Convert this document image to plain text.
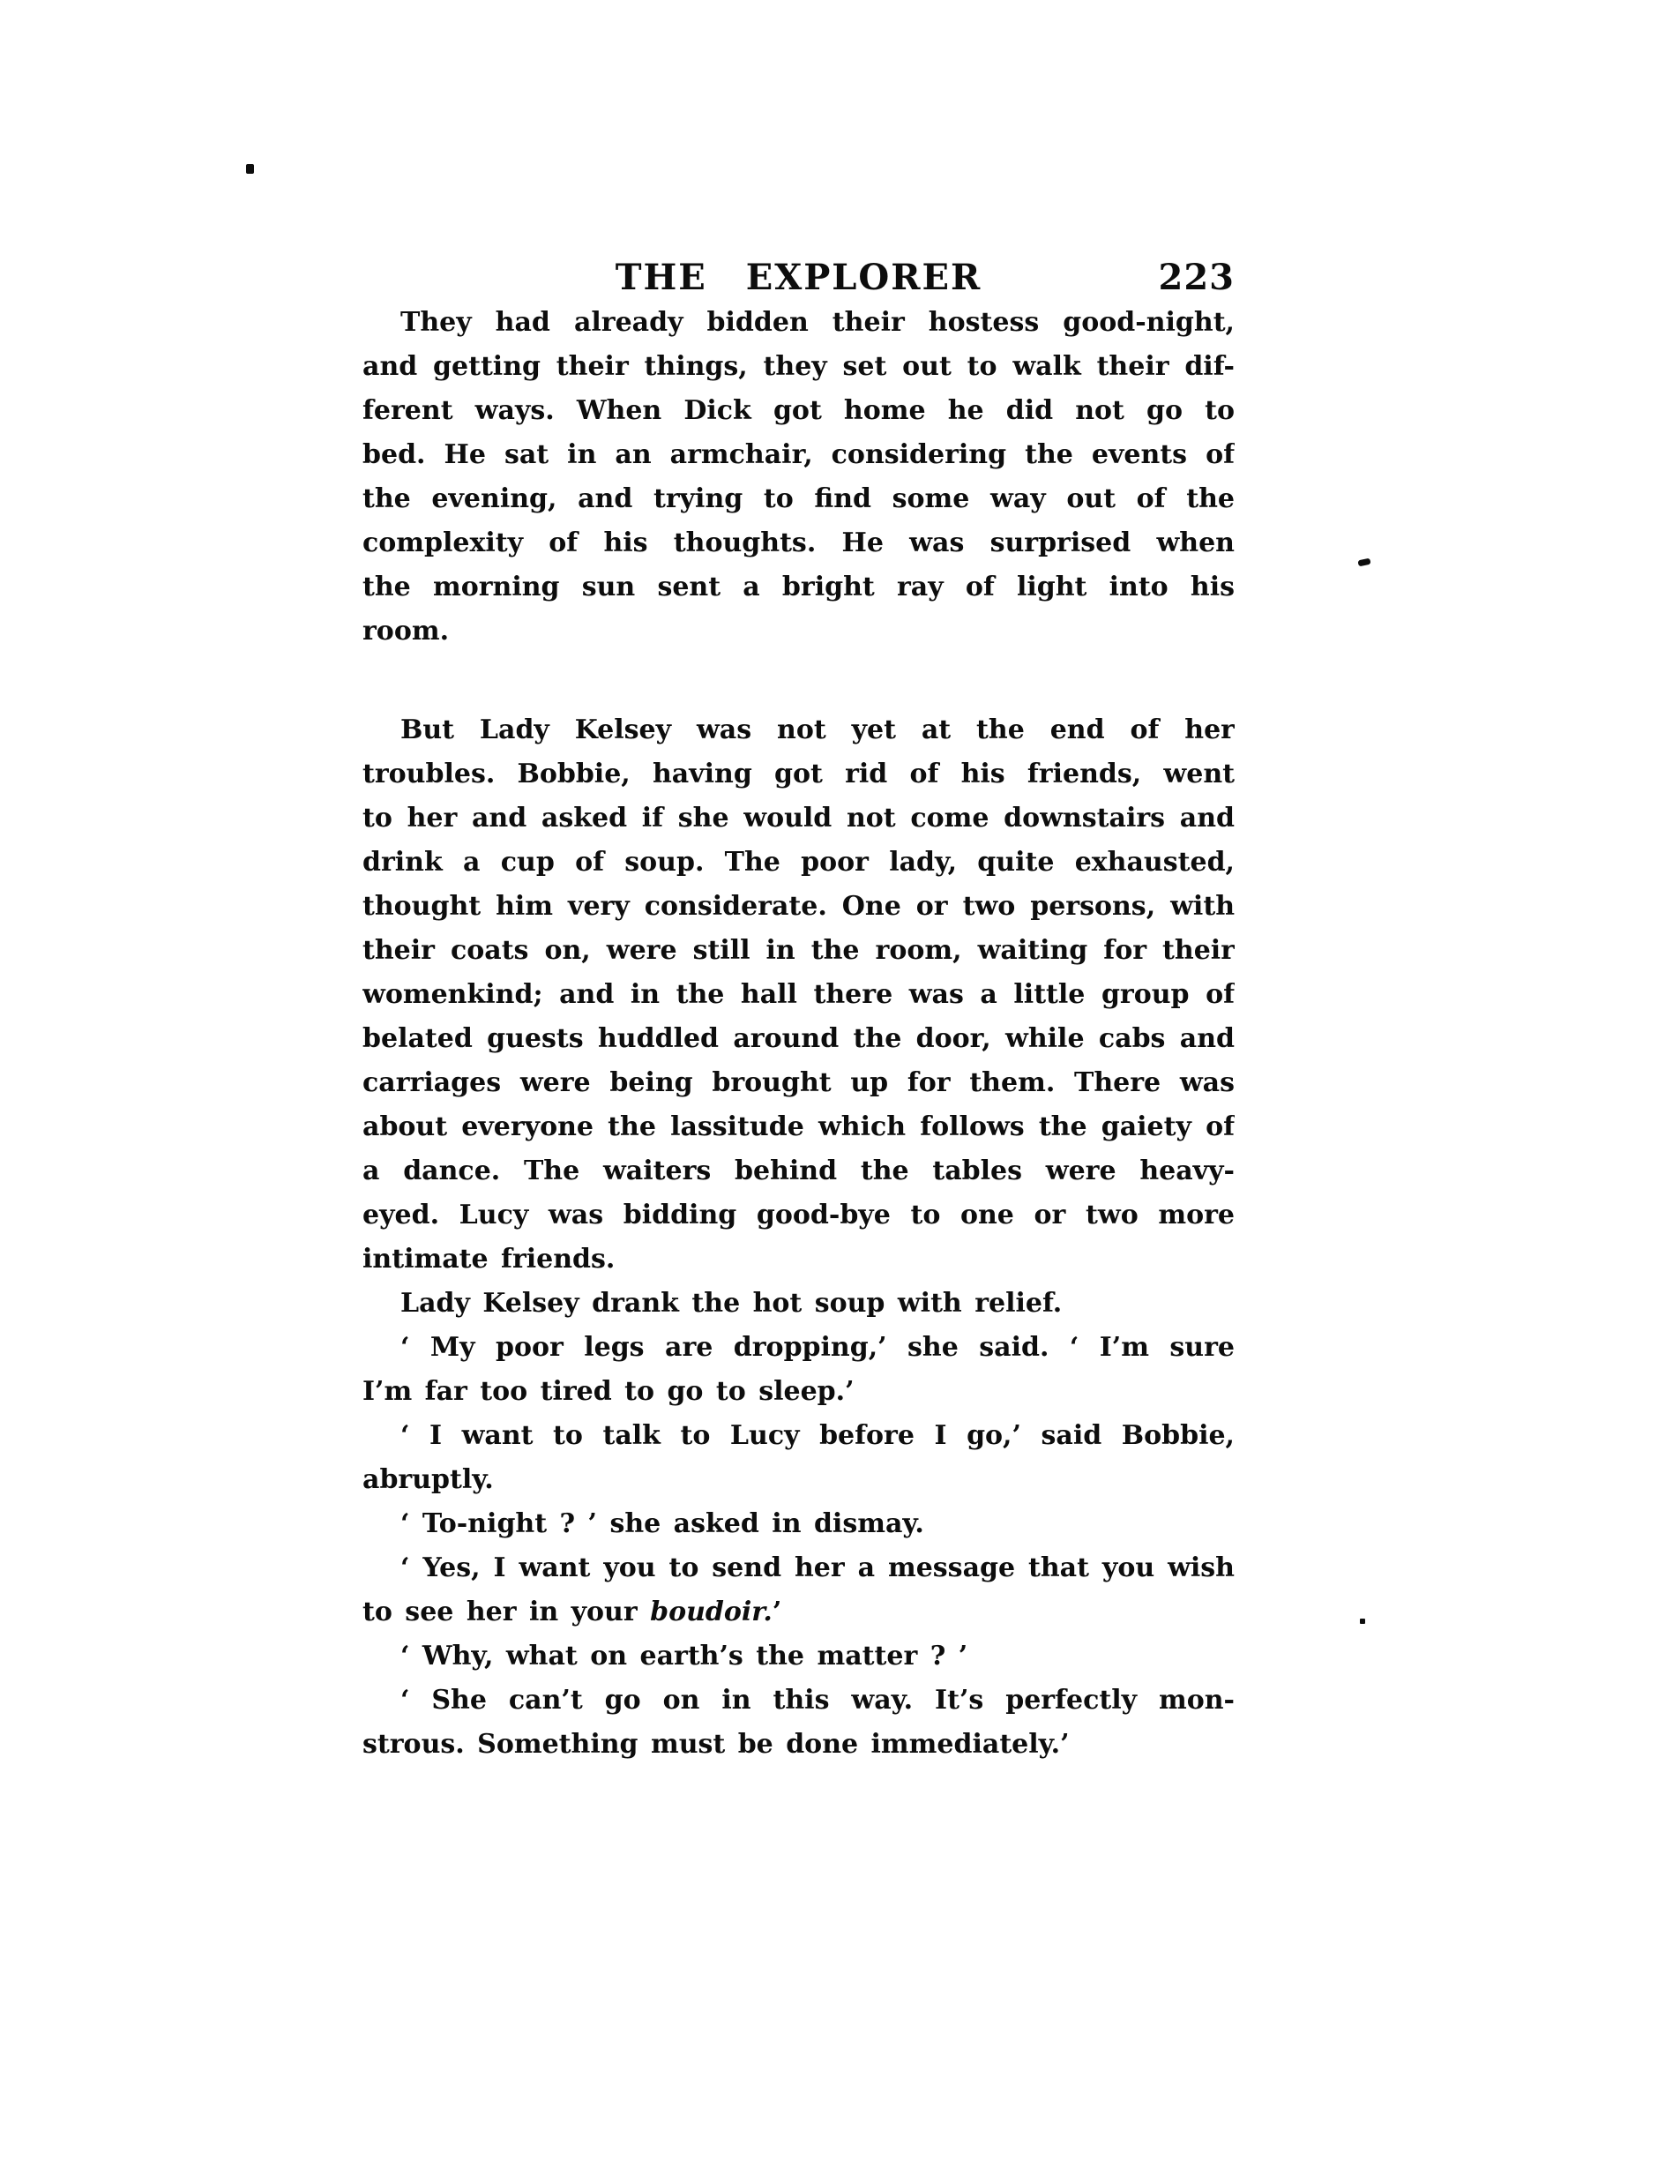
THE EXPLORER	223
They had already bidden their hostess good-night,
and getting their things, they set out to walk their dif-
ferent ways. When Dick got home he did not go to
bed. He sat in an armchair, considering the events of
the evening, and trying to find some way out of the
complexity of his thoughts. He was surprised when
the morning sun sent a bright ray of light into his
room.
But Lady Kelsey was not yet at the end of her
troubles. Bobbie, having got rid of his friends, went
to her and asked if she would not come downstairs and
drink a cup of soup. The poor lady, quite exhausted,
thought him very considerate. One or two persons, with
their coats on, were still in the room, waiting for their
womenkind; and in the hall there was a little group of
belated guests huddled around the door, while cabs and
carriages were being brought up for them. There was
about everyone the lassitude which follows the gaiety of
a dance. The waiters behind the tables were heavy-
eyed. Lucy was bidding good-bye to one or two more
intimate friends.
Lady Kelsey drank the hot soup with relief.
‘ My poor legs are dropping,’ she said. ‘ I’m sure
I’m far too tired to go to sleep.’
‘ I want to talk to Lucy before I go,’ said Bobbie,
abruptly.
‘ To-night ? ’ she asked in dismay.
‘ Yes, I want you to send her a message that you wish
to see her in your boudoir.’
‘ Why, what on earth’s the matter ? ’
‘ She can’t go on in this way. It’s perfectly mon-
strous. Something must be done immediately.’
